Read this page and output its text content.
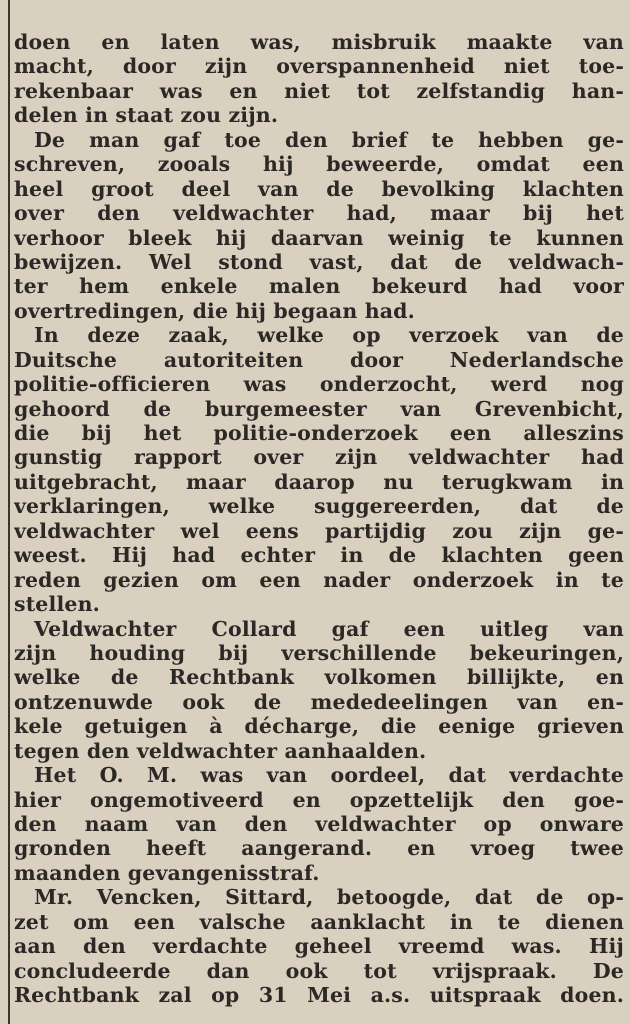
doen en laten was, misbruik maakte van
macht, door zijn overspannenheid niet toe-
rekenbaar was en niet tot zelfstandig han-
delen in staat zou zijn.
De man gaf toe den brief te hebben ge-
schreven, zooals hij beweerde, omdat een
heel groot deel van de bevolking klachten
over den veldwachter had, maar bij het
verhoor bleek hij daarvan weinig te kunnen
bewijzen. Wel stond vast, dat de veldwach-
ter hem enkele malen bekeurd had voor
overtredingen, die hij begaan had.
In deze zaak, welke op verzoek van de
Duitsche autoriteiten door Nederlandsche
politie-officieren was onderzocht, werd nog
gehoord de burgemeester van Grevenbicht,
die bij het politie-onderzoek een alleszins
gunstig rapport over zijn veldwachter had
uitgebracht, maar daarop nu terugkwam in
verklaringen, welke suggereerden, dat de
veldwachter wel eens partijdig zou zijn ge-
weest. Hij had echter in de klachten geen
reden gezien om een nader onderzoek in te
stellen.
Veldwachter Collard gaf een uitleg van
zijn houding bij verschillende bekeuringen,
welke de Rechtbank volkomen billijkte, en
ontzenuwde ook de mededeelingen van en-
kele getuigen à décharge, die eenige grieven
tegen den veldwachter aanhaalden.
Het O. M. was van oordeel, dat verdachte
hier ongemotiveerd en opzettelijk den goe-
den naam van den veldwachter op onware
gronden heeft aangerand. en vroeg twee
maanden gevangenisstraf.
Mr. Vencken, Sittard, betoogde, dat de op-
zet om een valsche aanklacht in te dienen
aan den verdachte geheel vreemd was. Hij
concludeerde dan ook tot vrijspraak. De
Rechtbank zal op 31 Mei a.s. uitspraak doen.
